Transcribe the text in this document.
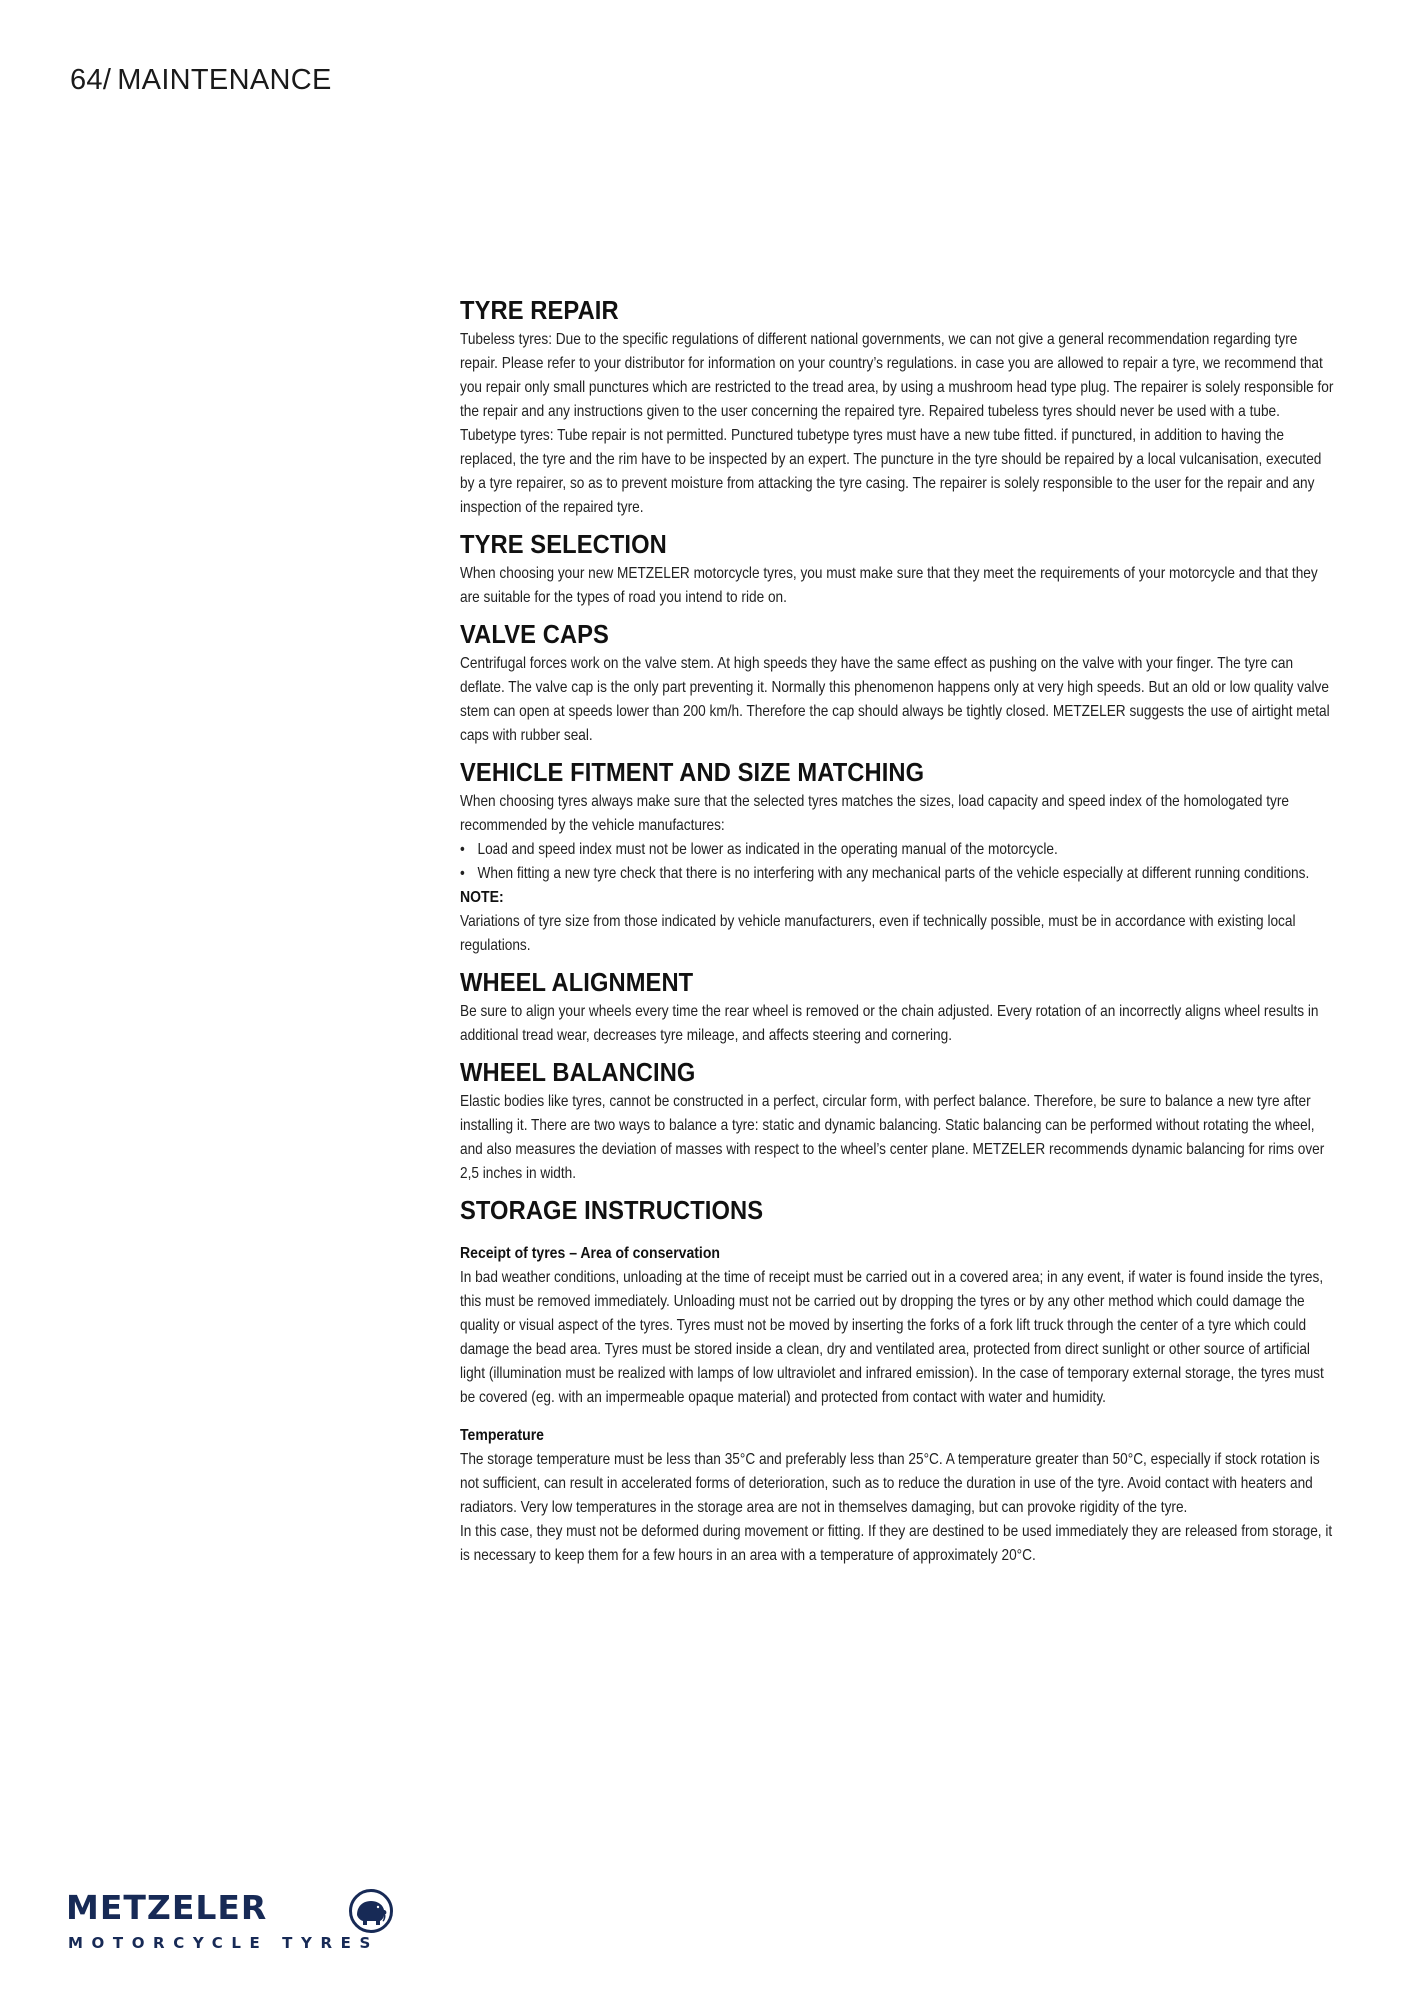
64/ MAINTENANCE
TYRE REPAIR

Tubeless tyres: Due to the specific regulations of different national governments, we can not give a general recommendation regarding tyre repair. Please refer to your distributor for information on your country’s regulations. in case you are allowed to repair a tyre, we recommend that you repair only small punctures which are restricted to the tread area, by using a mushroom head type plug. The repairer is solely responsible for the repair and any instructions given to the user concerning the repaired tyre. Repaired tubeless tyres should never be used with a tube. Tubetype tyres: Tube repair is not permitted. Punctured tubetype tyres must have a new tube fitted. if punctured, in addition to having the replaced, the tyre and the rim have to be inspected by an expert. The puncture in the tyre should be repaired by a local vulcanisation, executed by a tyre repairer, so as to prevent moisture from attacking the tyre casing. The repairer is solely responsible to the user for the repair and any inspection of the repaired tyre.

TYRE SELECTION

When choosing your new METZELER motorcycle tyres, you must make sure that they meet the requirements of your motorcycle and that they are suitable for the types of road you intend to ride on.

VALVE CAPS

Centrifugal forces work on the valve stem. At high speeds they have the same effect as pushing on the valve with your finger. The tyre can deflate. The valve cap is the only part preventing it. Normally this phenomenon happens only at very high speeds. But an old or low quality valve stem can open at speeds lower than 200 km/h. Therefore the cap should always be tightly closed. METZELER suggests the use of airtight metal caps with rubber seal.

VEHICLE FITMENT AND SIZE MATCHING

When choosing tyres always make sure that the selected tyres matches the sizes, load capacity and speed index of the homologated tyre recommended by the vehicle manufactures:

• Load and speed index must not be lower as indicated in the operating manual of the motorcycle.
• When fitting a new tyre check that there is no interfering with any mechanical parts of the vehicle especially at different running conditions.
NOTE:

Variations of tyre size from those indicated by vehicle manufacturers, even if technically possible, must be in accordance with existing local regulations.

WHEEL ALIGNMENT

Be sure to align your wheels every time the rear wheel is removed or the chain adjusted. Every rotation of an incorrectly aligns wheel results in additional tread wear, decreases tyre mileage, and affects steering and cornering.

WHEEL BALANCING

Elastic bodies like tyres, cannot be constructed in a perfect, circular form, with perfect balance. Therefore, be sure to balance a new tyre after installing it. There are two ways to balance a tyre: static and dynamic balancing. Static balancing can be performed without rotating the wheel, and also measures the deviation of masses with respect to the wheel’s center plane. METZELER recommends dynamic balancing for rims over 2,5 inches in width.

STORAGE INSTRUCTIONS
Receipt of tyres – Area of conservation

In bad weather conditions, unloading at the time of receipt must be carried out in a covered area; in any event, if water is found inside the tyres, this must be removed immediately. Unloading must not be carried out by dropping the tyres or by any other method which could damage the quality or visual aspect of the tyres. Tyres must not be moved by inserting the forks of a fork lift truck through the center of a tyre which could damage the bead area. Tyres must be stored inside a clean, dry and ventilated area, protected from direct sunlight or other source of artificial light (illumination must be realized with lamps of low ultraviolet and infrared emission). In the case of temporary external storage, the tyres must be covered (eg. with an impermeable opaque material) and protected from contact with water and humidity.

Temperature

The storage temperature must be less than 35°C and preferably less than 25°C. A temperature greater than 50°C, especially if stock rotation is not sufficient, can result in accelerated forms of deterioration, such as to reduce the duration in use of the tyre. Avoid contact with heaters and radiators. Very low temperatures in the storage area are not in themselves damaging, but can provoke rigidity of the tyre.

In this case, they must not be deformed during movement or fitting. If they are destined to be used immediately they are released from storage, it is necessary to keep them for a few hours in an area with a temperature of approximately 20°C.

METZELER
MOTORCYCLE TYRES
